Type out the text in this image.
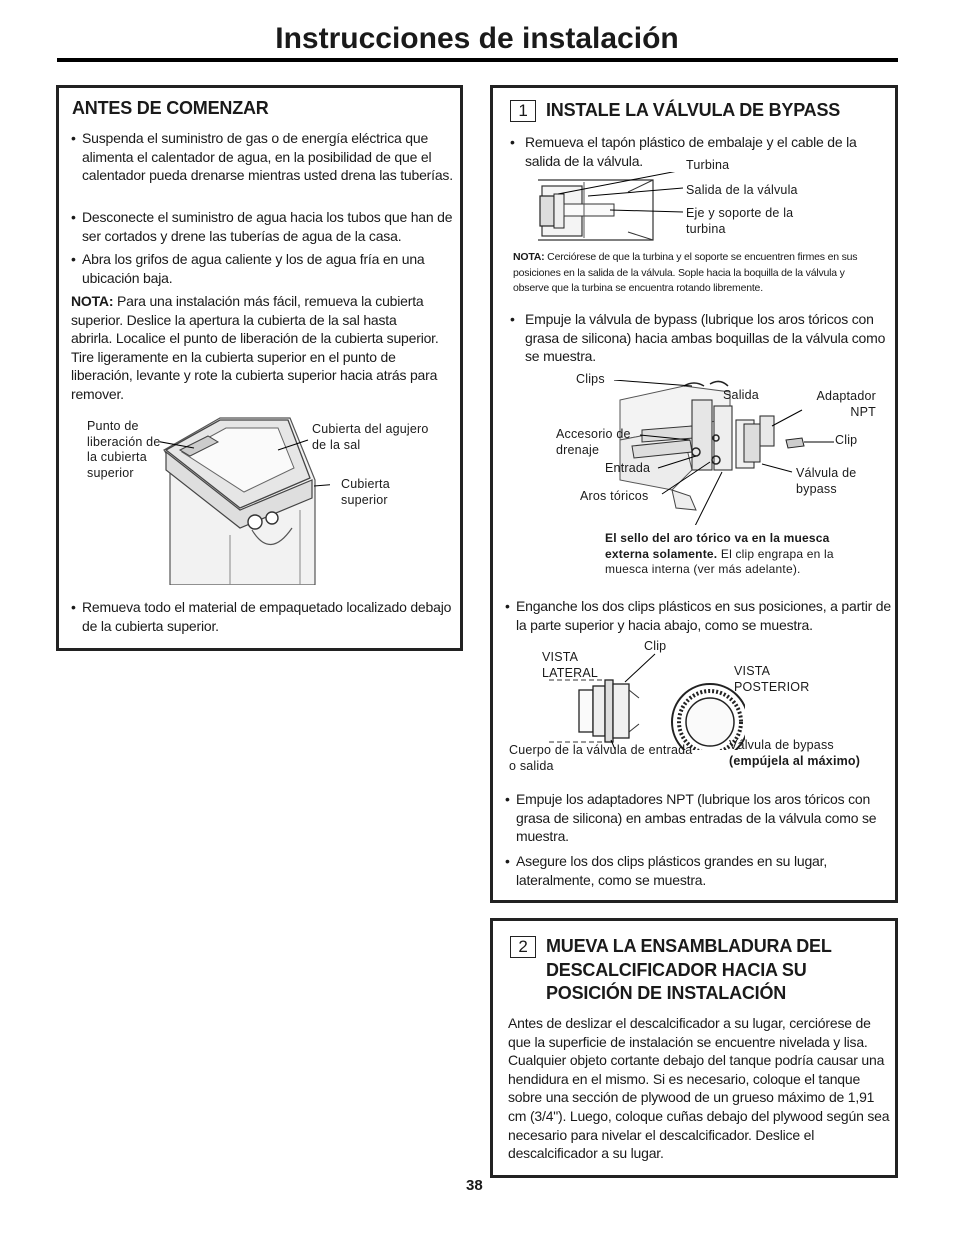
Instrucciones de instalación
ANTES DE COMENZAR
• Suspenda el suministro de gas o de energía eléctrica que alimenta el calentador de agua, en la posibilidad de que el calentador pueda drenarse mientras usted drena las tuberías.
• Desconecte el suministro de agua hacia los tubos que han de ser cortados y drene las tuberías de agua de la casa.
• Abra los grifos de agua caliente y los de agua fría en una ubicación baja.
NOTA: Para una instalación más fácil, remueva la cubierta superior. Deslice la apertura la cubierta de la sal hasta abrirla. Localice el punto de liberación de la cubierta superior. Tire ligeramente en la cubierta superior en el punto de liberación, levante y rote la cubierta superior hacia atrás para remover.
Punto de liberación de la cubierta superior
Cubierta del agujero de la sal
Cubierta superior
• Remueva todo el material de empaquetado localizado debajo de la cubierta superior.
1 INSTALE LA VÁLVULA DE BYPASS
• Remueva el tapón plástico de embalaje y el cable de la salida de la válvula.	Turbina
Salida de la válvula
Eje y soporte de la turbina
NOTA: Cerciórese de que la turbina y el soporte se encuentren firmes en sus posiciones en la salida de la válvula. Sople hacia la boquilla de la válvula y observe que la turbina se encuentra rotando libremente.
• Empuje la válvula de bypass (lubrique los aros tóricos con grasa de silicona) hacia ambas boquillas de la válvula como se muestra.
Clips
Salida	Adaptador NPT
Accesorio de drenaje
Clip
Entrada	Válvula de bypass
Aros tóricos
El sello del aro tórico va en la muesca externa solamente. El clip engrapa en la muesca interna (ver más adelante).
• Enganche los dos clips plásticos en sus posiciones, a partir de la parte superior y hacia abajo, como se muestra.
Clip
VISTA LATERAL	VISTA POSTERIOR
Cuerpo de la válvula de entrada o salida
Válvula de bypass
(empújela al máximo)
• Empuje los adaptadores NPT (lubrique los aros tóricos con grasa de silicona) en ambas entradas de la válvula como se muestra.
• Asegure los dos clips plásticos grandes en su lugar, lateralmente, como se muestra.
2	MUEVA LA ENSAMBLADURA DEL DESCALCIFICADOR HACIA SU POSICIÓN DE INSTALACIÓN
Antes de deslizar el descalcificador a su lugar, cerciórese de que la superficie de instalación se encuentre nivelada y lisa. Cualquier objeto cortante debajo del tanque podría causar una hendidura en el mismo. Si es necesario, coloque el tanque sobre una sección de plywood de un grueso máximo de 1,91 cm (3/4"). Luego, coloque cuñas debajo del plywood según sea necesario para nivelar el descalcificador. Deslice el descalcificador a su lugar.
38
